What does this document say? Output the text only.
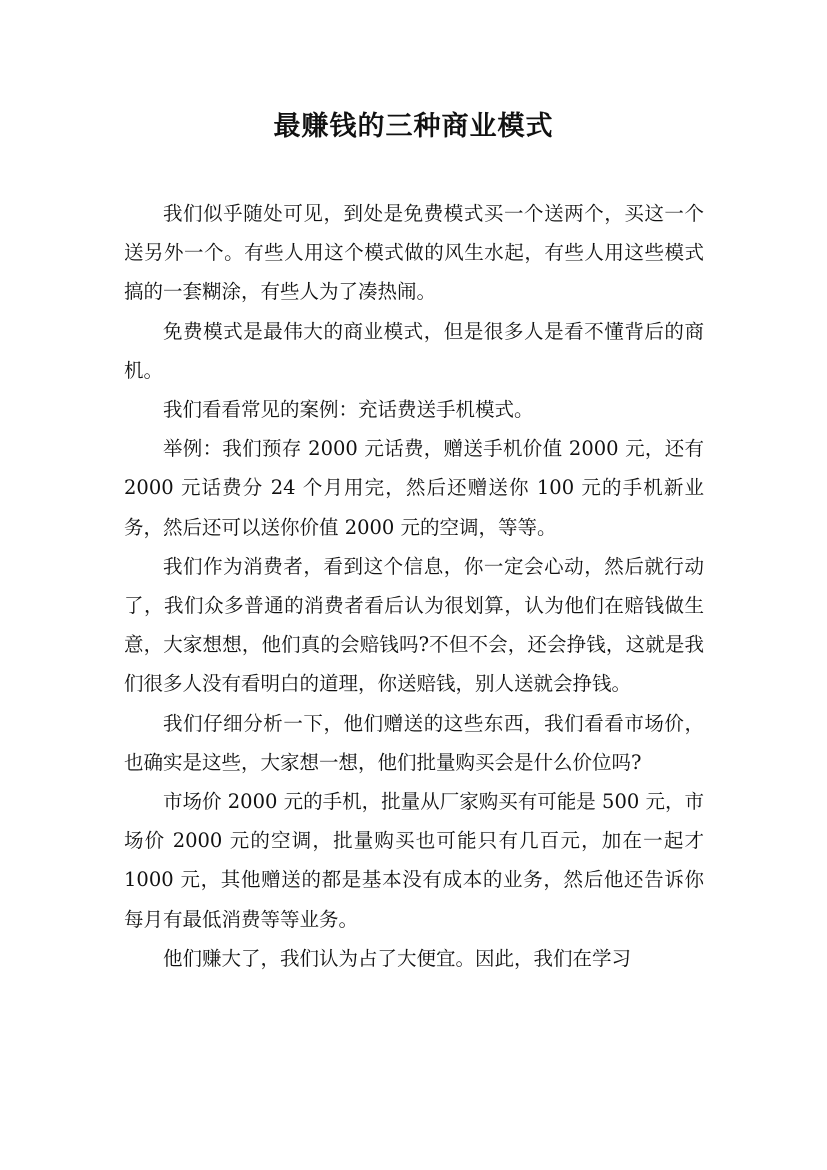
最赚钱的三种商业模式

我们似乎随处可见，到处是免费模式买一个送两个，买这一个送另外一个。有些人用这个模式做的风生水起，有些人用这些模式搞的一套糊涂，有些人为了凑热闹。

免费模式是最伟大的商业模式，但是很多人是看不懂背后的商机。

我们看看常见的案例：充话费送手机模式。

举例：我们预存 2000 元话费，赠送手机价值 2000 元，还有 2000 元话费分 24 个月用完，然后还赠送你 100 元的手机新业务，然后还可以送你价值 2000 元的空调，等等。

我们作为消费者，看到这个信息，你一定会心动，然后就行动了，我们众多普通的消费者看后认为很划算，认为他们在赔钱做生意，大家想想，他们真的会赔钱吗?不但不会，还会挣钱，这就是我们很多人没有看明白的道理，你送赔钱，别人送就会挣钱。

我们仔细分析一下，他们赠送的这些东西，我们看看市场价，也确实是这些，大家想一想，他们批量购买会是什么价位吗?

市场价 2000 元的手机，批量从厂家购买有可能是 500 元，市场价 2000 元的空调，批量购买也可能只有几百元，加在一起才 1000 元，其他赠送的都是基本没有成本的业务，然后他还告诉你每月有最低消费等等业务。

他们赚大了，我们认为占了大便宜。因此，我们在学习
